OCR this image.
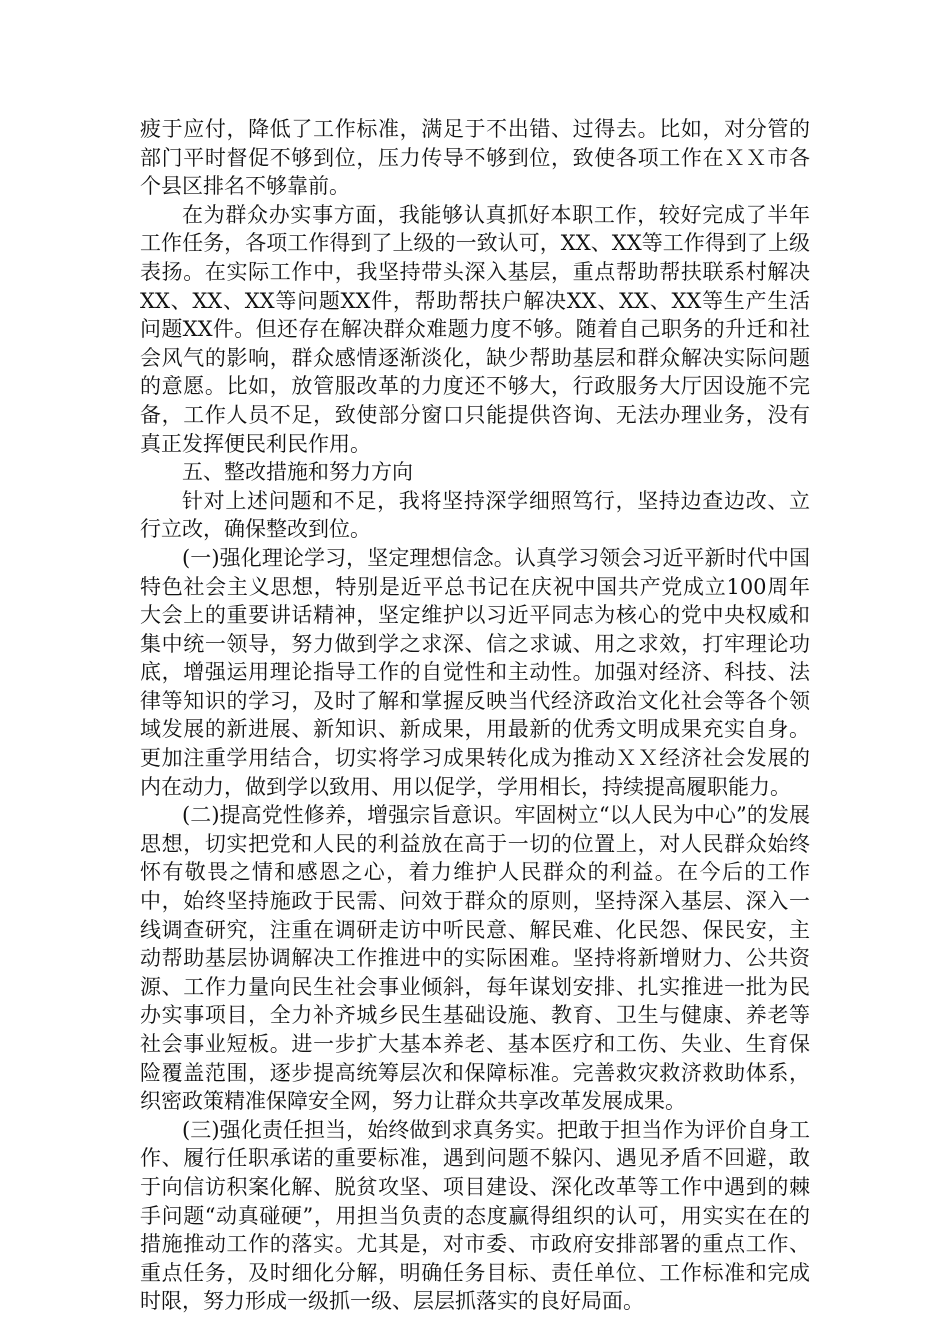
疲于应付，降低了工作标准，满足于不出错、过得去。比如，对分管的部门平时督促不够到位，压力传导不够到位，致使各项工作在ＸＸ市各个县区排名不够靠前。

在为群众办实事方面，我能够认真抓好本职工作，较好完成了半年工作任务，各项工作得到了上级的一致认可，XX、XX等工作得到了上级表扬。在实际工作中，我坚持带头深入基层，重点帮助帮扶联系村解决XX、XX、XX等问题XX件，帮助帮扶户解决XX、XX、XX等生产生活问题XX件。但还存在解决群众难题力度不够。随着自己职务的升迁和社会风气的影响，群众感情逐渐淡化，缺少帮助基层和群众解决实际问题的意愿。比如，放管服改革的力度还不够大，行政服务大厅因设施不完备，工作人员不足，致使部分窗口只能提供咨询、无法办理业务，没有真正发挥便民利民作用。

五、整改措施和努力方向

针对上述问题和不足，我将坚持深学细照笃行，坚持边查边改、立行立改，确保整改到位。

(一)强化理论学习，坚定理想信念。认真学习领会习近平新时代中国特色社会主义思想，特别是近平总书记在庆祝中国共产党成立100周年大会上的重要讲话精神，坚定维护以习近平同志为核心的党中央权威和集中统一领导，努力做到学之求深、信之求诚、用之求效，打牢理论功底，增强运用理论指导工作的自觉性和主动性。加强对经济、科技、法律等知识的学习，及时了解和掌握反映当代经济政治文化社会等各个领域发展的新进展、新知识、新成果，用最新的优秀文明成果充实自身。更加注重学用结合，切实将学习成果转化成为推动ＸＸ经济社会发展的内在动力，做到学以致用、用以促学，学用相长，持续提高履职能力。

(二)提高党性修养，增强宗旨意识。牢固树立“以人民为中心”的发展思想，切实把党和人民的利益放在高于一切的位置上，对人民群众始终怀有敬畏之情和感恩之心，着力维护人民群众的利益。在今后的工作中，始终坚持施政于民需、问效于群众的原则，坚持深入基层、深入一线调查研究，注重在调研走访中听民意、解民难、化民怨、保民安，主动帮助基层协调解决工作推进中的实际困难。坚持将新增财力、公共资源、工作力量向民生社会事业倾斜，每年谋划安排、扎实推进一批为民办实事项目，全力补齐城乡民生基础设施、教育、卫生与健康、养老等社会事业短板。进一步扩大基本养老、基本医疗和工伤、失业、生育保险覆盖范围，逐步提高统筹层次和保障标准。完善救灾救济救助体系，织密政策精准保障安全网，努力让群众共享改革发展成果。

(三)强化责任担当，始终做到求真务实。把敢于担当作为评价自身工作、履行任职承诺的重要标准，遇到问题不躲闪、遇见矛盾不回避，敢于向信访积案化解、脱贫攻坚、项目建设、深化改革等工作中遇到的棘手问题“动真碰硬”，用担当负责的态度赢得组织的认可，用实实在在的措施推动工作的落实。尤其是，对市委、市政府安排部署的重点工作、重点任务，及时细化分解，明确任务目标、责任单位、工作标准和完成时限，努力形成一级抓一级、层层抓落实的良好局面。
